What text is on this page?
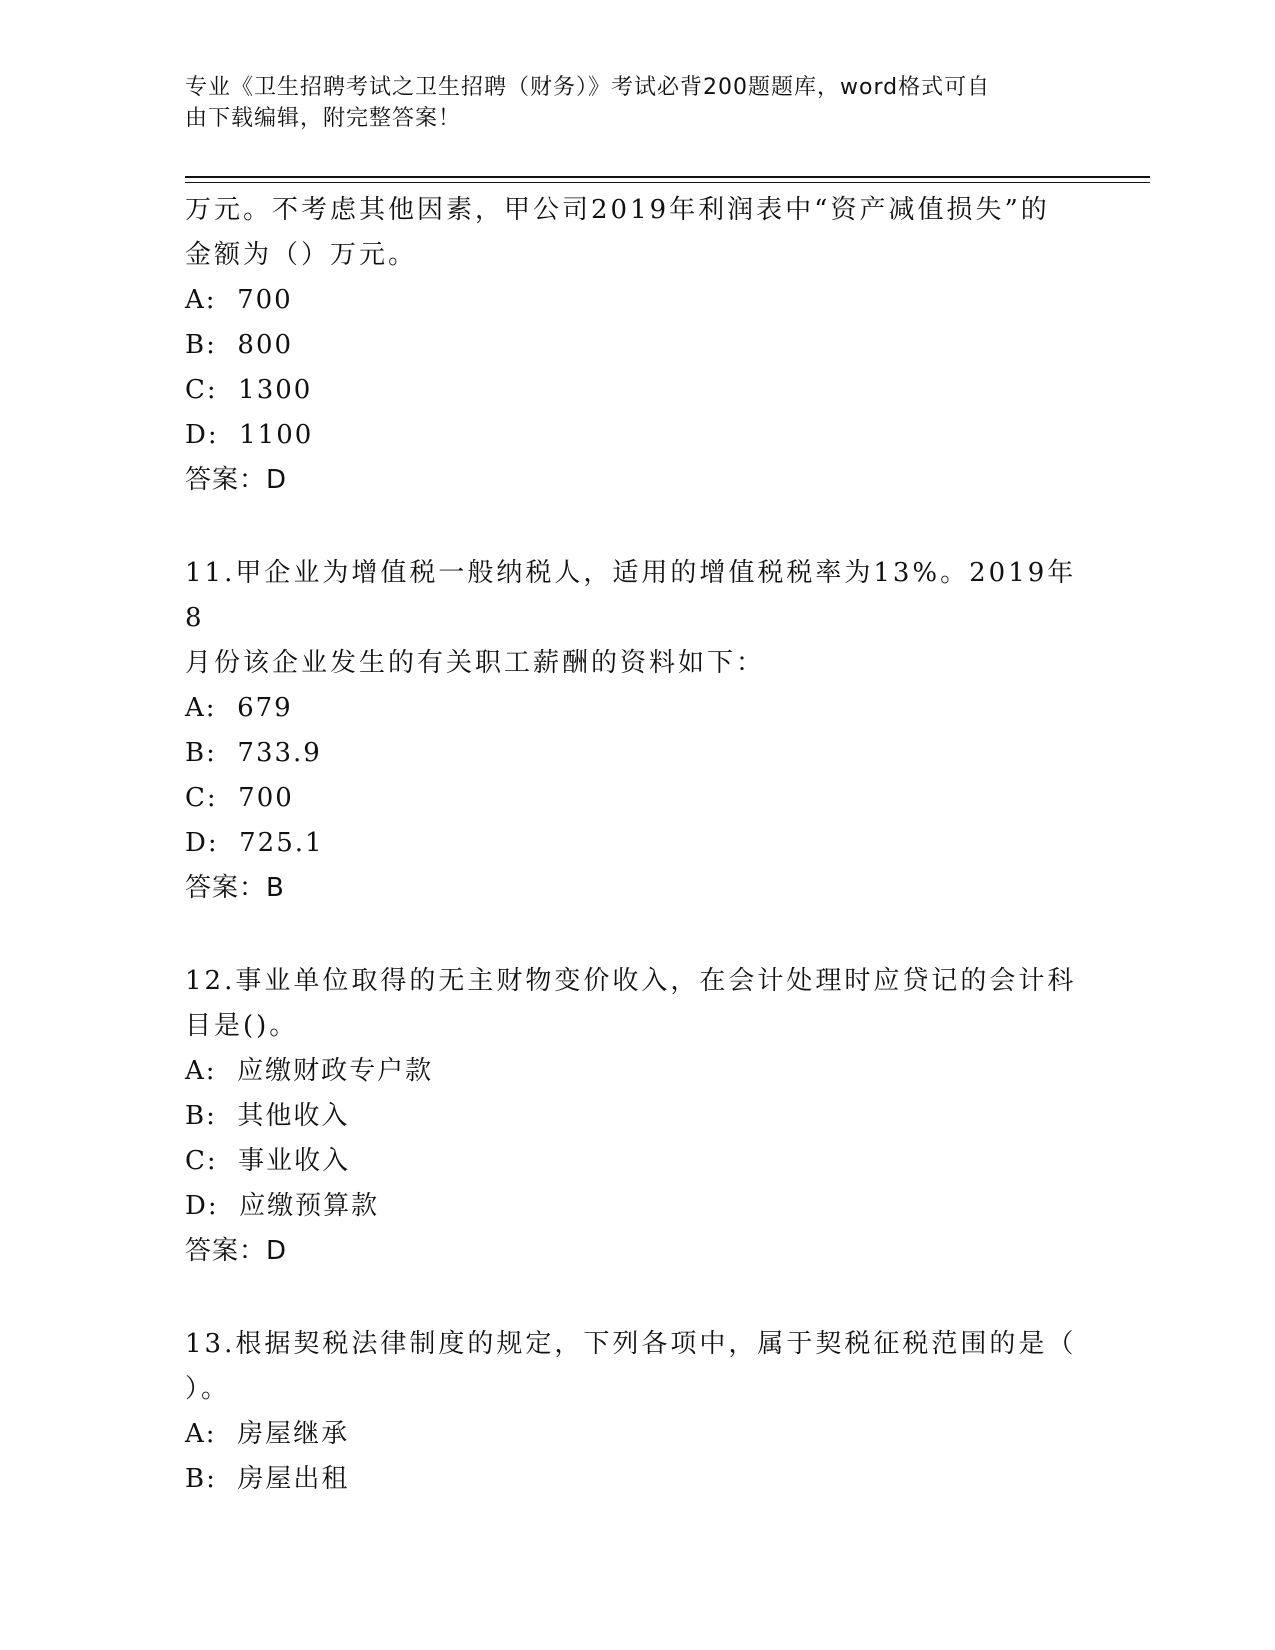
专业《卫生招聘考试之卫生招聘（财务）》考试必背200题题库，word格式可自
由下载编辑，附完整答案！

万元。不考虑其他因素，甲公司2019年利润表中“资产减值损失”的

金额为（）万元。

A:  700

B:  800

C:  1300

D:  1100

答案：D

11.甲企业为增值税一般纳税人，适用的增值税税率为13%。2019年8

月份该企业发生的有关职工薪酬的资料如下：

A:  679

B:  733.9

C:  700

D:  725.1

答案：B

12.事业单位取得的无主财物变价收入，在会计处理时应贷记的会计科

目是()。

A:  应缴财政专户款

B:  其他收入

C:  事业收入

D:  应缴预算款

答案：D

13.根据契税法律制度的规定，下列各项中，属于契税征税范围的是（

）。

A:  房屋继承

B:  房屋出租
